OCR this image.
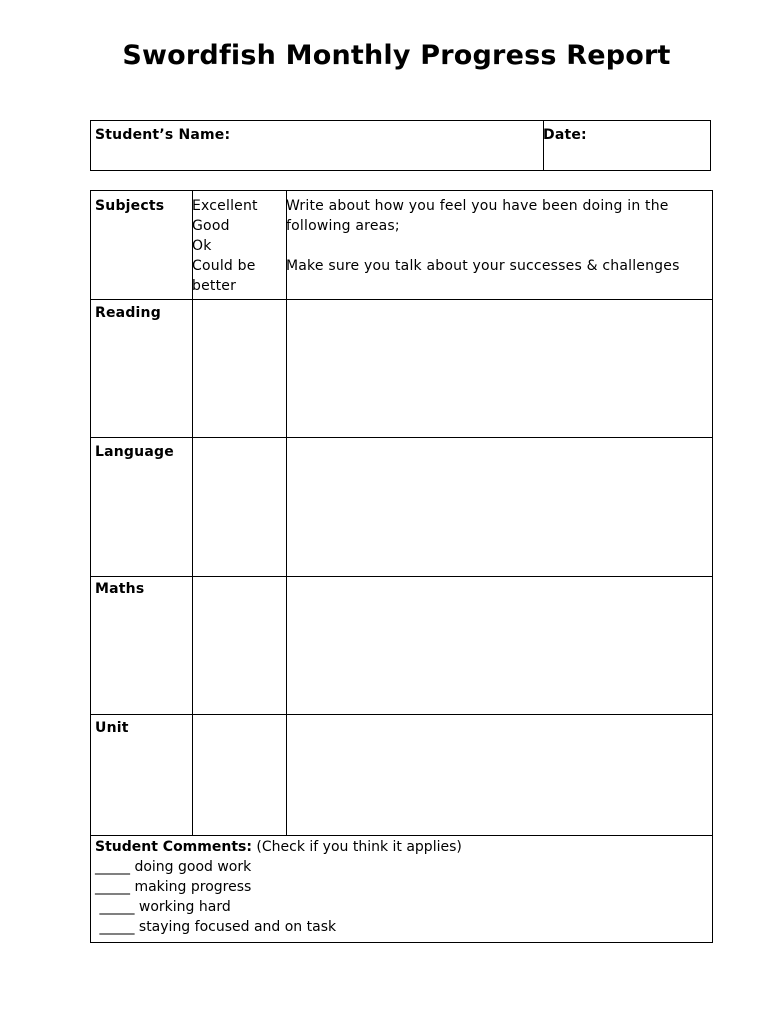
Swordfish Monthly Progress Report
Student’s Name:	Date:
Subjects Excellent
Good
Ok
Could be
better
Write about how you feel you have been doing in the
following areas;
Make sure you talk about your successes & challenges
Reading
Language
Maths
Unit
Student Comments: (Check if you think it applies)
_____ doing good work
_____ making progress
_____ working hard
_____ staying focused and on task
